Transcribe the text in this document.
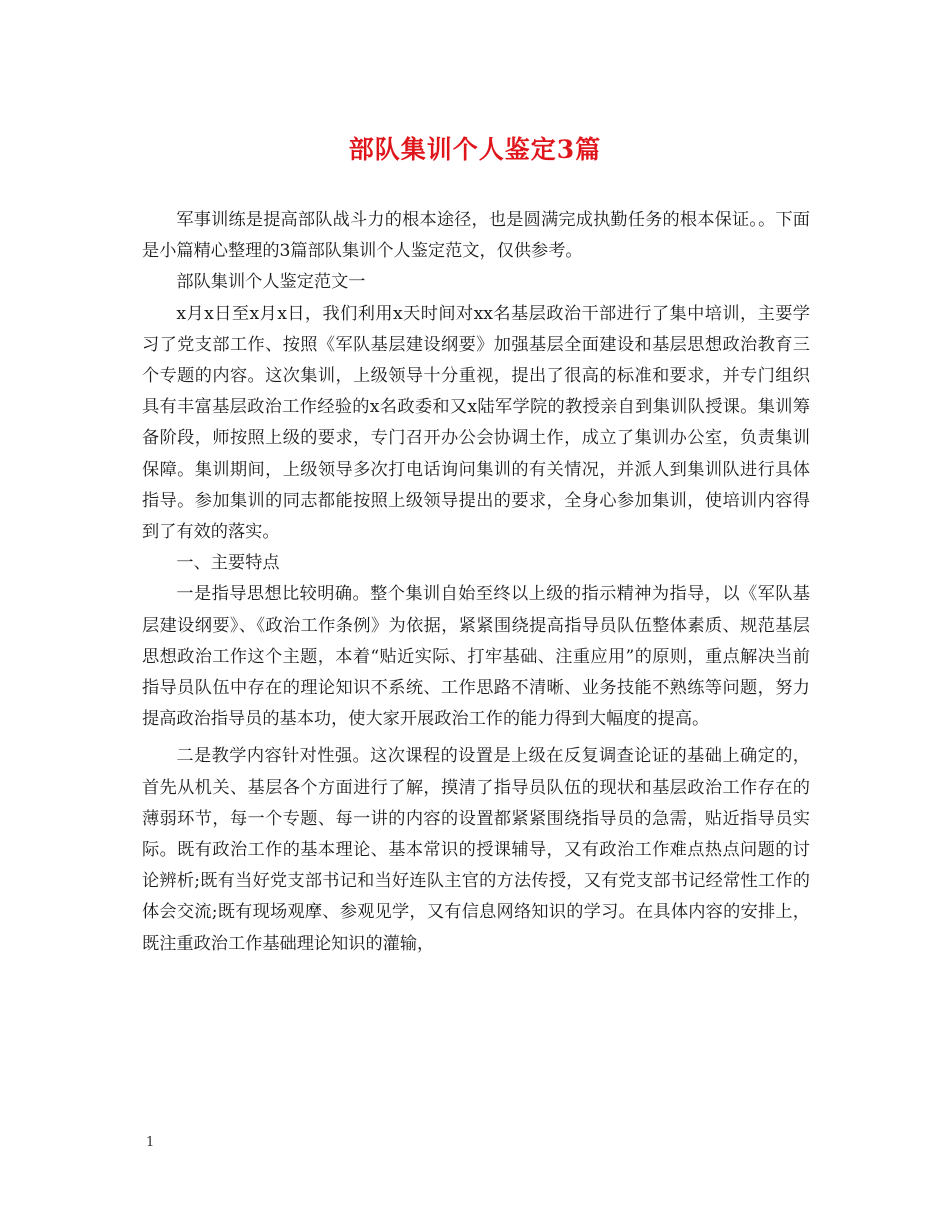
部队集训个人鉴定3篇

军事训练是提高部队战斗力的根本途径，也是圆满完成执勤任务的根本保证。。下面是小篇精心整理的3篇部队集训个人鉴定范文，仅供参考。

部队集训个人鉴定范文一

x月x日至x月x日，我们利用x天时间对xx名基层政治干部进行了集中培训，主要学习了党支部工作、按照《军队基层建设纲要》加强基层全面建设和基层思想政治教育三个专题的内容。这次集训，上级领导十分重视，提出了很高的标准和要求，并专门组织具有丰富基层政治工作经验的x名政委和又x陆军学院的教授亲自到集训队授课。集训筹备阶段，师按照上级的要求，专门召开办公会协调土作，成立了集训办公室，负责集训保障。集训期间，上级领导多次打电话询问集训的有关情况，并派人到集训队进行具体指导。参加集训的同志都能按照上级领导提出的要求，全身心参加集训，使培训内容得到了有效的落实。

一、主要特点

一是指导思想比较明确。整个集训自始至终以上级的指示精神为指导，以《军队基层建设纲要》、《政治工作条例》为依据，紧紧围绕提高指导员队伍整体素质、规范基层思想政治工作这个主题，本着“贴近实际、打牢基础、注重应用”的原则，重点解决当前指导员队伍中存在的理论知识不系统、工作思路不清晰、业务技能不熟练等问题，努力提高政治指导员的基本功，使大家开展政治工作的能力得到大幅度的提高。

二是教学内容针对性强。这次课程的设置是上级在反复调查论证的基础上确定的，首先从机关、基层各个方面进行了解，摸清了指导员队伍的现状和基层政治工作存在的薄弱环节，每一个专题、每一讲的内容的设置都紧紧围绕指导员的急需，贴近指导员实际。既有政治工作的基本理论、基本常识的授课辅导，又有政治工作难点热点问题的讨论辨析;既有当好党支部书记和当好连队主官的方法传授，又有党支部书记经常性工作的体会交流;既有现场观摩、参观见学，又有信息网络知识的学习。在具体内容的安排上，既注重政治工作基础理论知识的灌输，

1
